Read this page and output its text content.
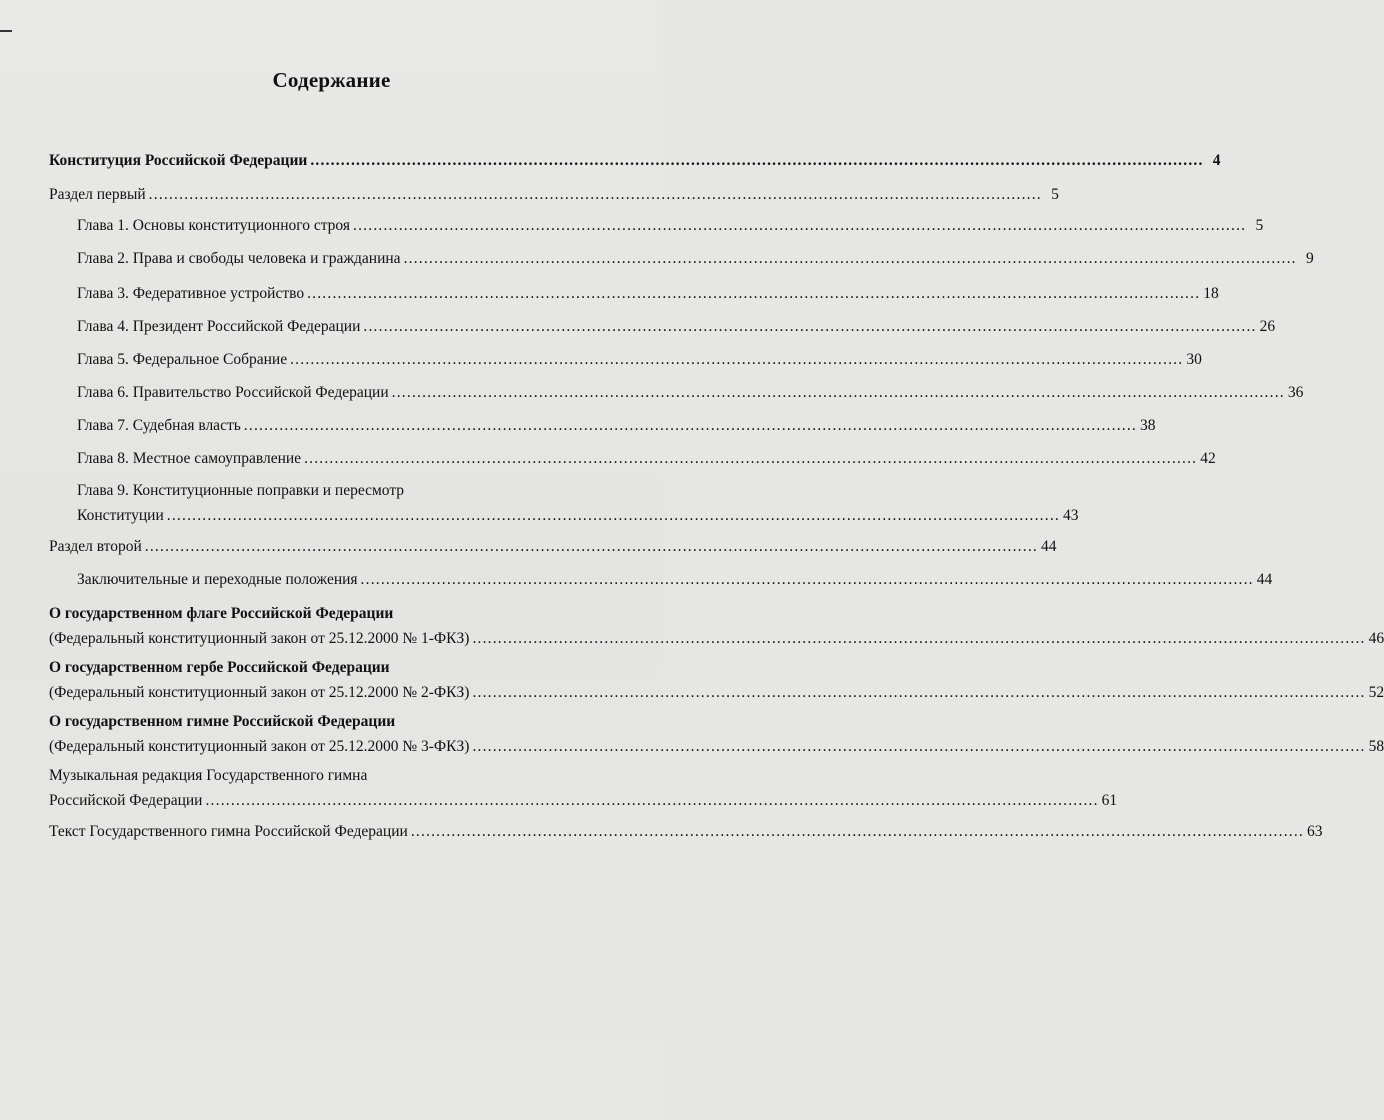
Содержание
Конституция Российской Федерации .....	4
Раздел первый .....	5
Глава 1. Основы конституционного строя .....	5
Глава 2. Права и свободы человека и гражданина .....	9
Глава 3. Федеративное устройство .....	18
Глава 4. Президент Российской Федерации .....	26
Глава 5. Федеральное Собрание .....	30
Глава 6. Правительство Российской Федерации .....	36
Глава 7. Судебная власть .....	38
Глава 8. Местное самоуправление .....	42
Глава 9. Конституционные поправки и пересмотр
Конституции .....	43
Раздел второй .....	44
Заключительные и переходные положения .....	44
О государственном флаге Российской Федерации
(Федеральный конституционный закон от 25.12.2000 № 1-ФКЗ) .....	46
О государственном гербе Российской Федерации
(Федеральный конституционный закон от 25.12.2000 № 2-ФКЗ) .....	52
О государственном гимне Российской Федерации
(Федеральный конституционный закон от 25.12.2000 № 3-ФКЗ) .....	58
Музыкальная редакция Государственного гимна
Российской Федерации .....	61
Текст Государственного гимна Российской Федерации .....	63
